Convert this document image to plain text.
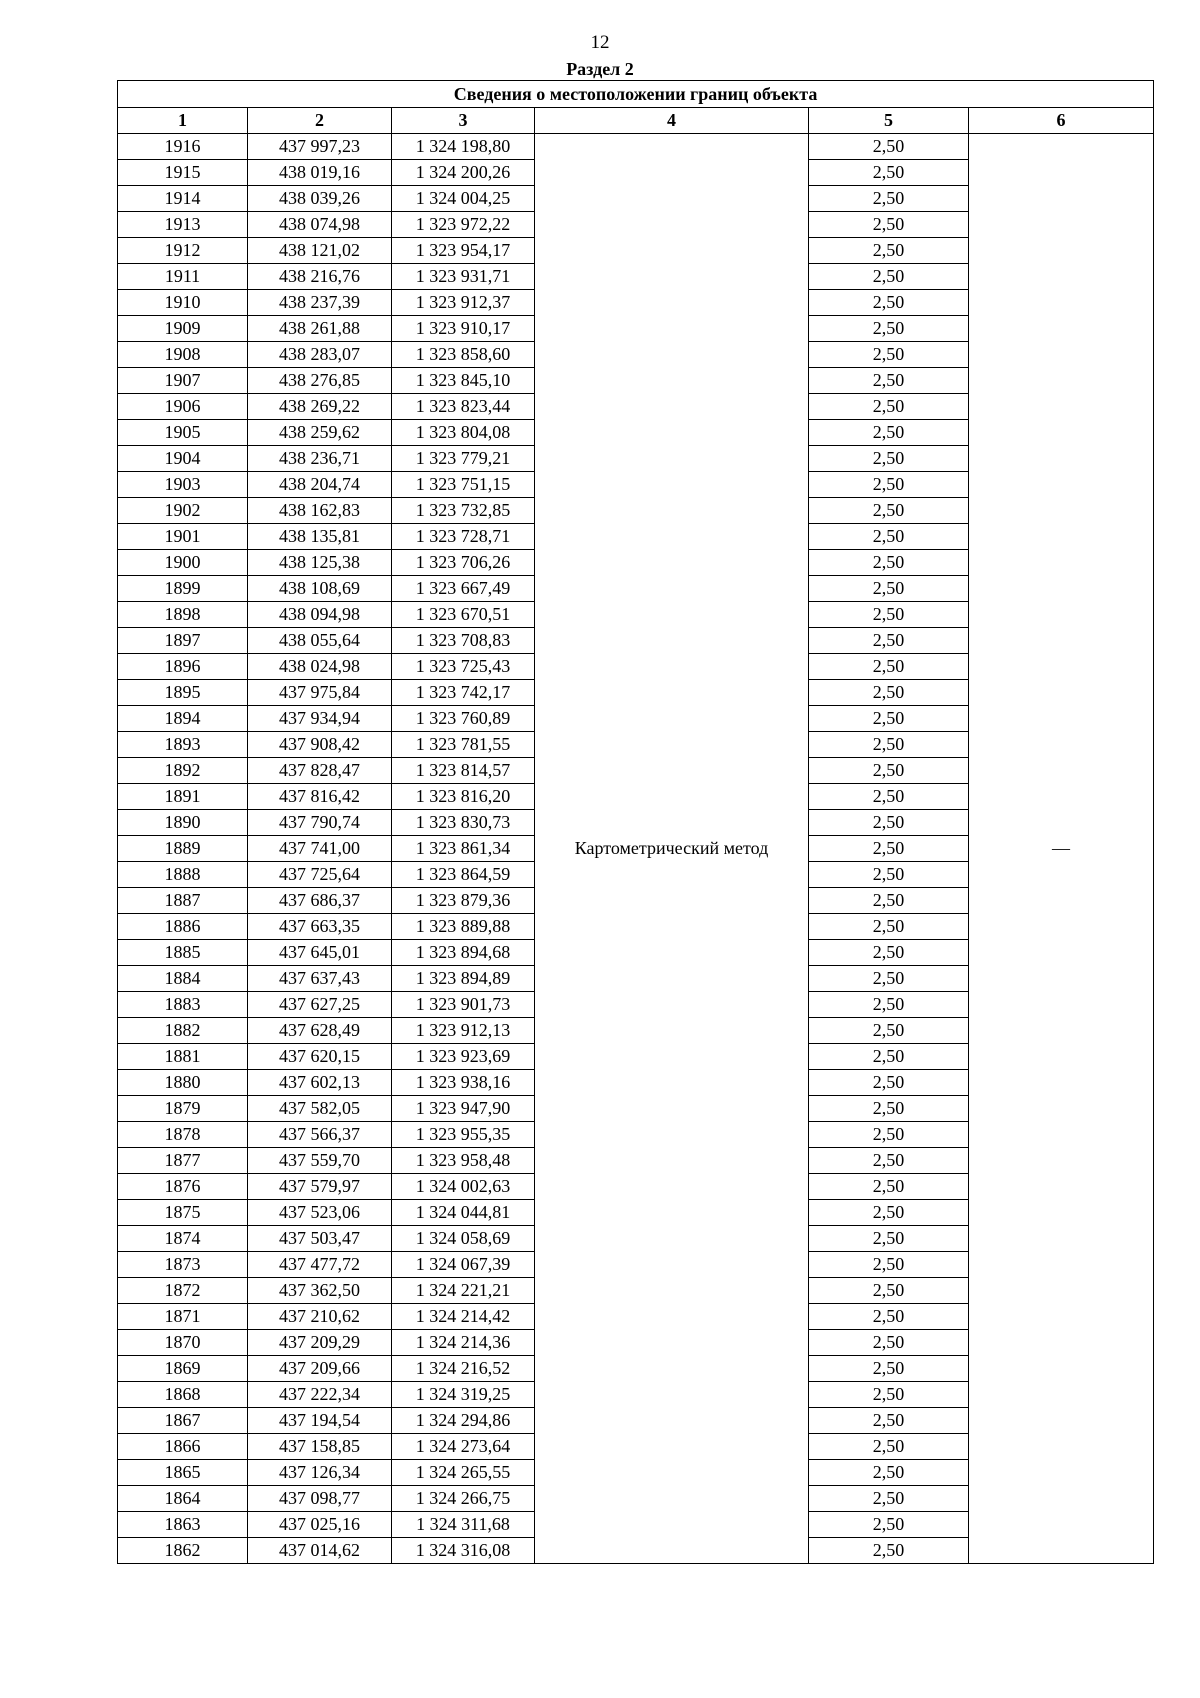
12
Раздел 2
Сведения о местоположении границ объекта					
1	2	3	4	5	6
1916	437 997,23	1 324 198,80	Картометрический метод	2,50	—
1915	438 019,16	1 324 200,26		2,50	
1914	438 039,26	1 324 004,25		2,50	
1913	438 074,98	1 323 972,22		2,50	
1912	438 121,02	1 323 954,17		2,50	
1911	438 216,76	1 323 931,71		2,50	
1910	438 237,39	1 323 912,37		2,50	
1909	438 261,88	1 323 910,17		2,50	
1908	438 283,07	1 323 858,60		2,50	
1907	438 276,85	1 323 845,10		2,50	
1906	438 269,22	1 323 823,44		2,50	
1905	438 259,62	1 323 804,08		2,50	
1904	438 236,71	1 323 779,21		2,50	
1903	438 204,74	1 323 751,15		2,50	
1902	438 162,83	1 323 732,85		2,50	
1901	438 135,81	1 323 728,71		2,50	
1900	438 125,38	1 323 706,26		2,50	
1899	438 108,69	1 323 667,49		2,50	
1898	438 094,98	1 323 670,51		2,50	
1897	438 055,64	1 323 708,83		2,50	
1896	438 024,98	1 323 725,43		2,50	
1895	437 975,84	1 323 742,17		2,50	
1894	437 934,94	1 323 760,89		2,50	
1893	437 908,42	1 323 781,55		2,50	
1892	437 828,47	1 323 814,57		2,50	
1891	437 816,42	1 323 816,20		2,50	
1890	437 790,74	1 323 830,73		2,50	
1889	437 741,00	1 323 861,34		2,50	
1888	437 725,64	1 323 864,59		2,50	
1887	437 686,37	1 323 879,36		2,50	
1886	437 663,35	1 323 889,88		2,50	
1885	437 645,01	1 323 894,68		2,50	
1884	437 637,43	1 323 894,89		2,50	
1883	437 627,25	1 323 901,73		2,50	
1882	437 628,49	1 323 912,13		2,50	
1881	437 620,15	1 323 923,69		2,50	
1880	437 602,13	1 323 938,16		2,50	
1879	437 582,05	1 323 947,90		2,50	
1878	437 566,37	1 323 955,35		2,50	
1877	437 559,70	1 323 958,48		2,50	
1876	437 579,97	1 324 002,63		2,50	
1875	437 523,06	1 324 044,81		2,50	
1874	437 503,47	1 324 058,69		2,50	
1873	437 477,72	1 324 067,39		2,50	
1872	437 362,50	1 324 221,21		2,50	
1871	437 210,62	1 324 214,42		2,50	
1870	437 209,29	1 324 214,36		2,50	
1869	437 209,66	1 324 216,52		2,50	
1868	437 222,34	1 324 319,25		2,50	
1867	437 194,54	1 324 294,86		2,50	
1866	437 158,85	1 324 273,64		2,50	
1865	437 126,34	1 324 265,55		2,50	
1864	437 098,77	1 324 266,75		2,50	
1863	437 025,16	1 324 311,68		2,50	
1862	437 014,62	1 324 316,08		2,50	
